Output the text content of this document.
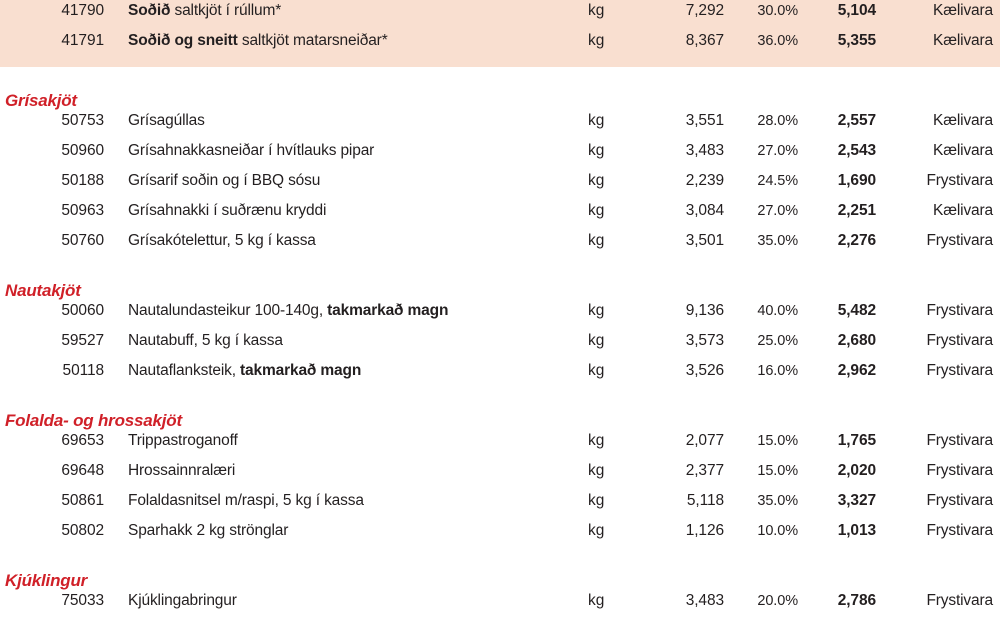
41790	Soðið saltkjöt í rúllum*	kg	7,292	30.0%	5,104	Kælivara
41791	Soðið og sneitt saltkjöt matarsneiðar*	kg	8,367	36.0%	5,355	Kælivara
Grísakjöt
50753	Grísagúllas	kg	3,551	28.0%	2,557	Kælivara
50960	Grísahnakkasneiðar í hvítlauks pipar	kg	3,483	27.0%	2,543	Kælivara
50188	Grísarif soðin og í BBQ sósu	kg	2,239	24.5%	1,690	Frystivara
50963	Grísahnakki í suðrænu kryddi	kg	3,084	27.0%	2,251	Kælivara
50760	Grísakótelettur, 5 kg í kassa	kg	3,501	35.0%	2,276	Frystivara
Nautakjöt
50060	Nautalundasteikur 100-140g, takmarkað magn	kg	9,136	40.0%	5,482	Frystivara
59527	Nautabuff, 5 kg í kassa	kg	3,573	25.0%	2,680	Frystivara
50118	Nautaflanksteik, takmarkað magn	kg	3,526	16.0%	2,962	Frystivara
Folalda- og hrossakjöt
69653	Trippastroganoff	kg	2,077	15.0%	1,765	Frystivara
69648	Hrossainnralæri	kg	2,377	15.0%	2,020	Frystivara
50861	Folaldasnitsel m/raspi, 5 kg í kassa	kg	5,118	35.0%	3,327	Frystivara
50802	Sparhakk 2 kg strönglar	kg	1,126	10.0%	1,013	Frystivara
Kjúklingur
75033	Kjúklingabringur	kg	3,483	20.0%	2,786	Frystivara
